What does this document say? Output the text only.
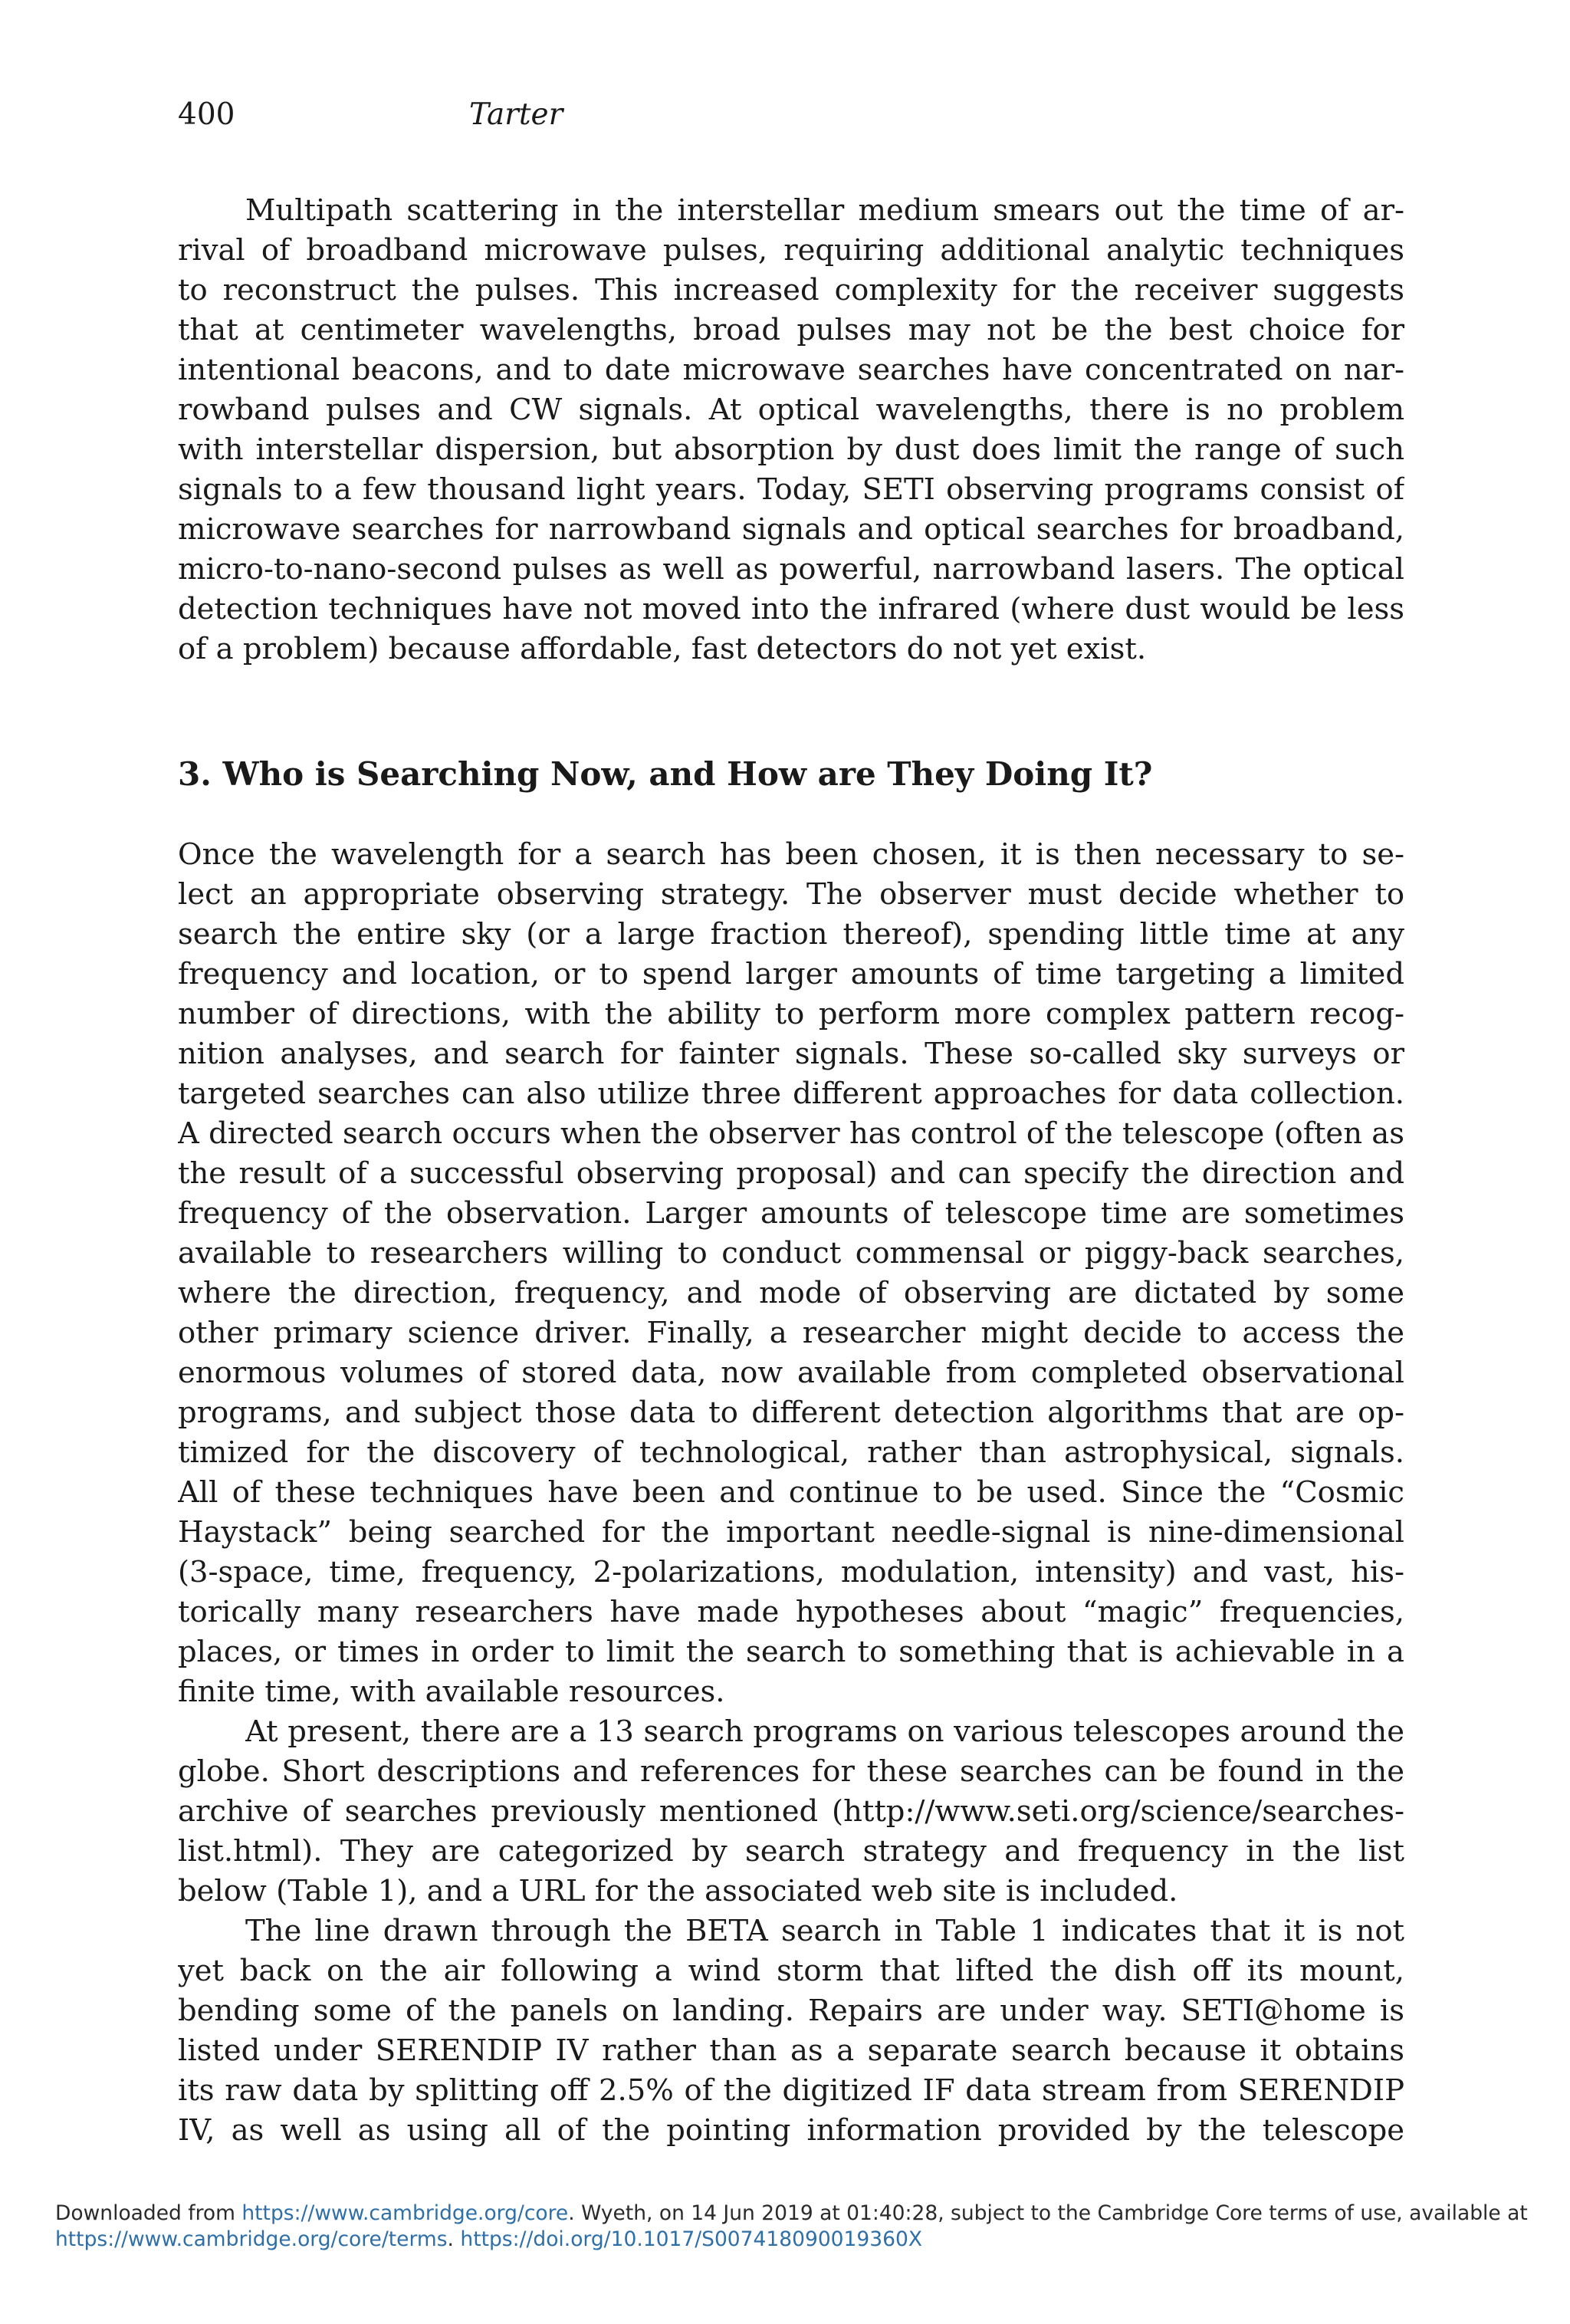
400	Tarter
Multipath scattering in the interstellar medium smears out the time of ar-
rival of broadband microwave pulses, requiring additional analytic techniques
to reconstruct the pulses. This increased complexity for the receiver suggests
that at centimeter wavelengths, broad pulses may not be the best choice for
intentional beacons, and to date microwave searches have concentrated on nar-
rowband pulses and CW signals. At optical wavelengths, there is no problem
with interstellar dispersion, but absorption by dust does limit the range of such
signals to a few thousand light years. Today, SETI observing programs consist of
microwave searches for narrowband signals and optical searches for broadband,
micro-to-nano-second pulses as well as powerful, narrowband lasers. The optical
detection techniques have not moved into the infrared (where dust would be less
of a problem) because affordable, fast detectors do not yet exist.
Once the wavelength for a search has been chosen, it is then necessary to se-
lect an appropriate observing strategy. The observer must decide whether to
search the entire sky (or a large fraction thereof), spending little time at any
frequency and location, or to spend larger amounts of time targeting a limited
number of directions, with the ability to perform more complex pattern recog-
nition analyses, and search for fainter signals. These so-called sky surveys or
targeted searches can also utilize three different approaches for data collection.
A directed search occurs when the observer has control of the telescope (often as
the result of a successful observing proposal) and can specify the direction and
frequency of the observation. Larger amounts of telescope time are sometimes
available to researchers willing to conduct commensal or piggy-back searches,
where the direction, frequency, and mode of observing are dictated by some
other primary science driver. Finally, a researcher might decide to access the
enormous volumes of stored data, now available from completed observational
programs, and subject those data to different detection algorithms that are op-
timized for the discovery of technological, rather than astrophysical, signals.
All of these techniques have been and continue to be used. Since the “Cosmic
Haystack” being searched for the important needle-signal is nine-dimensional
(3-space, time, frequency, 2-polarizations, modulation, intensity) and vast, his-
torically many researchers have made hypotheses about “magic” frequencies,
places, or times in order to limit the search to something that is achievable in a
finite time, with available resources.
At present, there are a 13 search programs on various telescopes around the
globe. Short descriptions and references for these searches can be found in the
archive of searches previously mentioned (http://www.seti.org/science/searches-
list.html). They are categorized by search strategy and frequency in the list
below (Table 1), and a URL for the associated web site is included.
The line drawn through the BETA search in Table 1 indicates that it is not
yet back on the air following a wind storm that lifted the dish off its mount,
bending some of the panels on landing. Repairs are under way. SETI@home is
listed under SERENDIP IV rather than as a separate search because it obtains
its raw data by splitting off 2.5% of the digitized IF data stream from SERENDIP
IV, as well as using all of the pointing information provided by the telescope
3. Who is Searching Now, and How are They Doing It?
Downloaded from https://www.cambridge.org/core. Wyeth, on 14 Jun 2019 at 01:40:28, subject to the Cambridge Core terms of use, available at
https://www.cambridge.org/core/terms. https://doi.org/10.1017/S007418090019360X
